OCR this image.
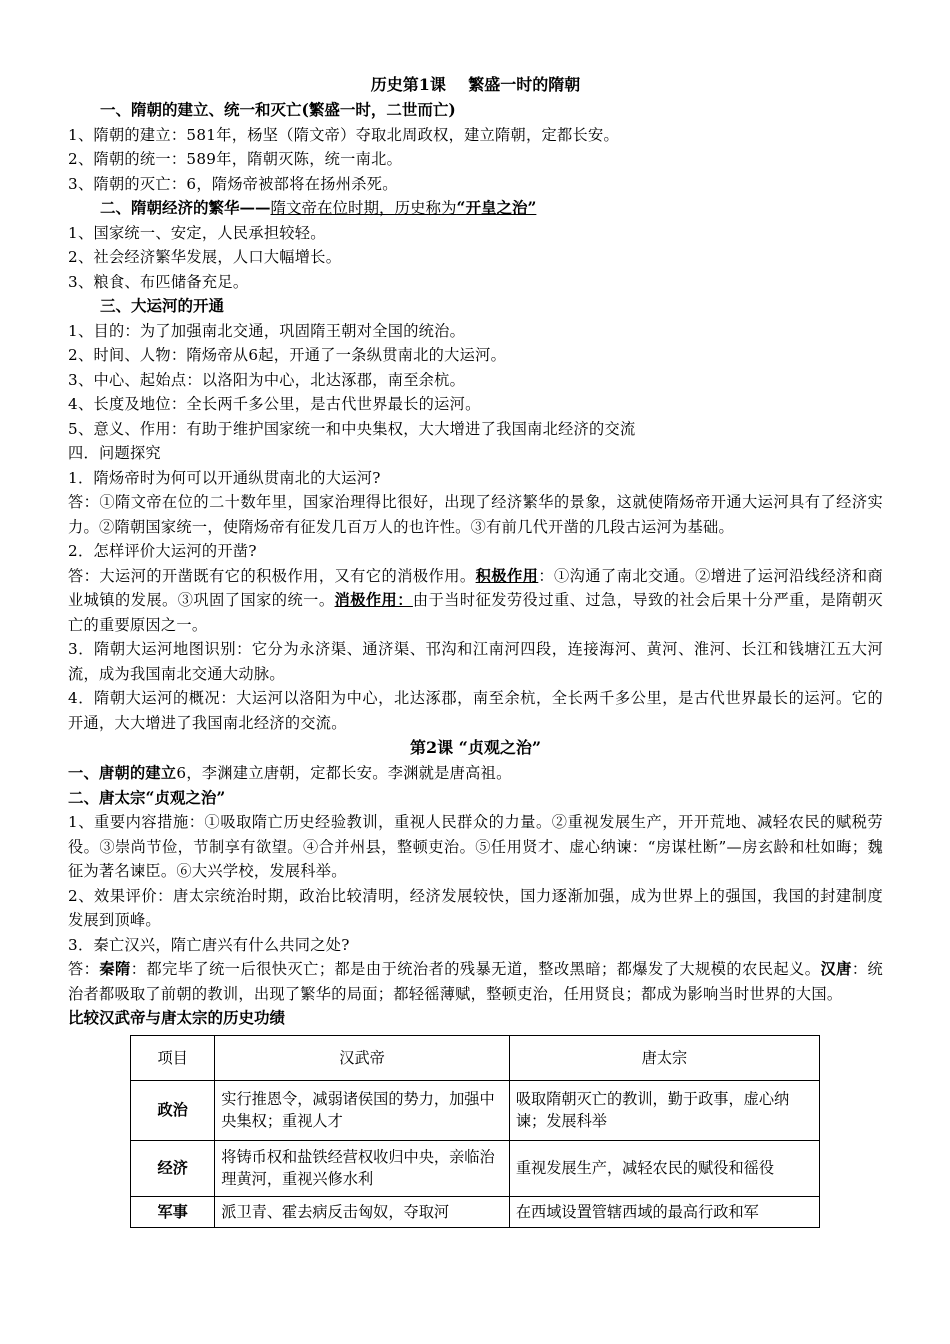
历史第1课    繁盛一时的隋朝
一、隋朝的建立、统一和灭亡(繁盛一时，二世而亡)
1、隋朝的建立：581年，杨坚（隋文帝）夺取北周政权，建立隋朝，定都长安。
2、隋朝的统一：589年，隋朝灭陈，统一南北。
3、隋朝的灭亡：6，隋炀帝被部将在扬州杀死。
二、隋朝经济的繁华——隋文帝在位时期，历史称为“开皇之治”
1、国家统一、安定，人民承担较轻。
2、社会经济繁华发展，人口大幅增长。
3、粮食、布匹储备充足。
三、大运河的开通
1、目的：为了加强南北交通，巩固隋王朝对全国的统治。
2、时间、人物：隋炀帝从6起，开通了一条纵贯南北的大运河。
3、中心、起始点：以洛阳为中心，北达涿郡，南至余杭。
4、长度及地位：全长两千多公里，是古代世界最长的运河。
5、意义、作用：有助于维护国家统一和中央集权，大大增进了我国南北经济的交流
四．问题探究
1．隋炀帝时为何可以开通纵贯南北的大运河?
答：①隋文帝在位的二十数年里，国家治理得比很好，出现了经济繁华的景象，这就使隋炀帝开通大运河具有了经济实力。②隋朝国家统一，使隋炀帝有征发几百万人的也许性。③有前几代开凿的几段古运河为基础。
2．怎样评价大运河的开凿?
答：大运河的开凿既有它的积极作用，又有它的消极作用。积极作用：①沟通了南北交通。②增进了运河沿线经济和商业城镇的发展。③巩固了国家的统一。消极作用：由于当时征发劳役过重、过急，导致的社会后果十分严重，是隋朝灭亡的重要原因之一。
3．隋朝大运河地图识别：它分为永济渠、通济渠、邗沟和江南河四段，连接海河、黄河、淮河、长江和钱塘江五大河流，成为我国南北交通大动脉。
4．隋朝大运河的概况：大运河以洛阳为中心，北达涿郡，南至余杭，全长两千多公里，是古代世界最长的运河。它的开通，大大增进了我国南北经济的交流。
第2课 “贞观之治”
一、唐朝的建立6，李渊建立唐朝，定都长安。李渊就是唐高祖。
二、唐太宗“贞观之治”
1、重要内容措施：①吸取隋亡历史经验教训，重视人民群众的力量。②重视发展生产，开开荒地、减轻农民的赋税劳役。③崇尚节俭，节制享有欲望。④合并州县，整顿吏治。⑤任用贤才、虚心纳谏：“房谋杜断”—房玄龄和杜如晦；魏征为著名谏臣。⑥大兴学校，发展科举。
2、效果评价：唐太宗统治时期，政治比较清明，经济发展较快，国力逐渐加强，成为世界上的强国，我国的封建制度发展到顶峰。
3．秦亡汉兴，隋亡唐兴有什么共同之处?
答：秦隋：都完毕了统一后很快灭亡；都是由于统治者的残暴无道，整改黑暗；都爆发了大规模的农民起义。汉唐：统治者都吸取了前朝的教训，出现了繁华的局面；都轻徭薄赋，整顿吏治，任用贤良；都成为影响当时世界的大国。
比较汉武帝与唐太宗的历史功绩
项目	汉武帝	唐太宗
政治	实行推恩令，减弱诸侯国的势力，加强中央集权；重视人才	吸取隋朝灭亡的教训，勤于政事，虚心纳谏；发展科举
经济	将铸币权和盐铁经营权收归中央，亲临治理黄河，重视兴修水利	重视发展生产，减轻农民的赋役和徭役
军事	派卫青、霍去病反击匈奴，夺取河	在西域设置管辖西域的最高行政和军
